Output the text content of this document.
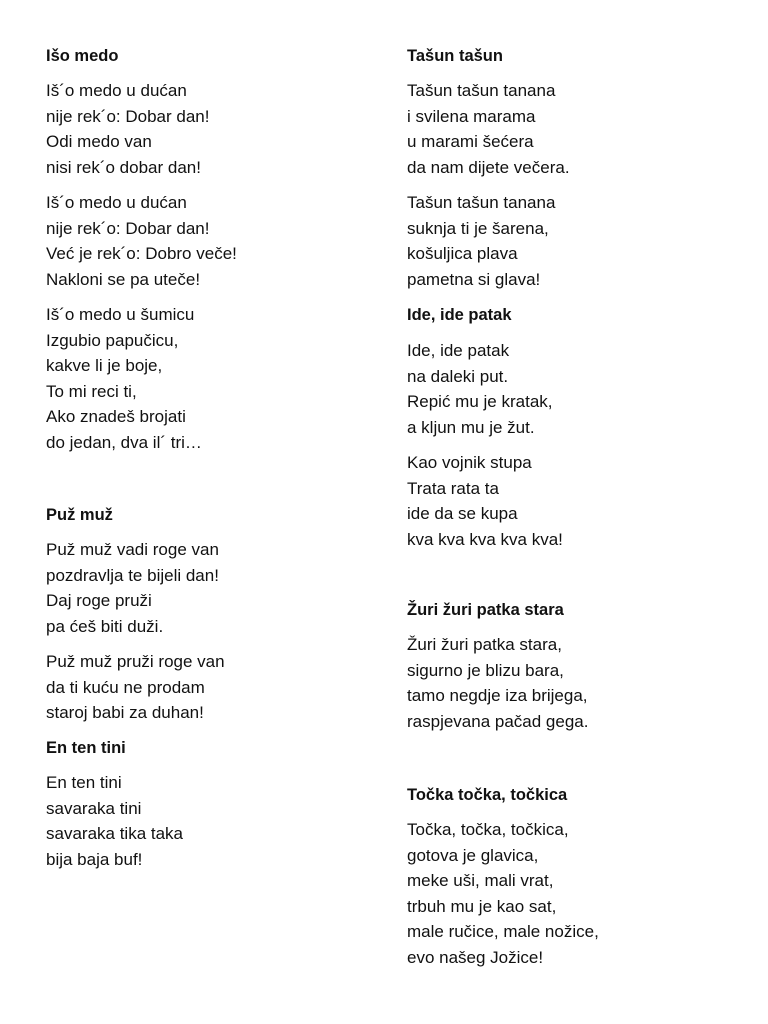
Išo medo

Iš´o medo u dućan
nije rek´o: Dobar dan!
Odi medo van
nisi rek´o dobar dan!

Iš´o medo u dućan
nije rek´o: Dobar dan!
Već je rek´o: Dobro veče!
Nakloni se pa uteče!

Iš´o medo u šumicu
Izgubio papučicu,
kakve li je boje,
To mi reci ti,
Ako znadeš brojati
do jedan, dva il´ tri…

Puž muž

Puž muž vadi roge van
pozdravlja te bijeli dan!
Daj roge pruži
pa ćeš biti duži.

Puž muž pruži roge van
da ti kuću ne prodam
staroj babi za duhan!

En ten tini

En ten tini
savaraka tini
savaraka tika taka
bija baja buf!

Tašun tašun

Tašun tašun tanana
i svilena marama
u marami šećera
da nam dijete večera.

Tašun tašun tanana
suknja ti je šarena,
košuljica plava
pametna si glava!

Ide, ide patak

Ide, ide patak
na daleki put.
Repić mu je kratak,
a kljun mu je žut.

Kao vojnik stupa
Trata rata ta
ide da se kupa
kva kva kva kva kva!

Žuri žuri patka stara

Žuri žuri patka stara,
sigurno je blizu bara,
tamo negdje iza brijega,
raspjevana pačad gega.

Točka točka, točkica

Točka, točka, točkica,
gotova je glavica,
meke uši, mali vrat,
trbuh mu je kao sat,
male ručice, male nožice,
evo našeg Jožice!
